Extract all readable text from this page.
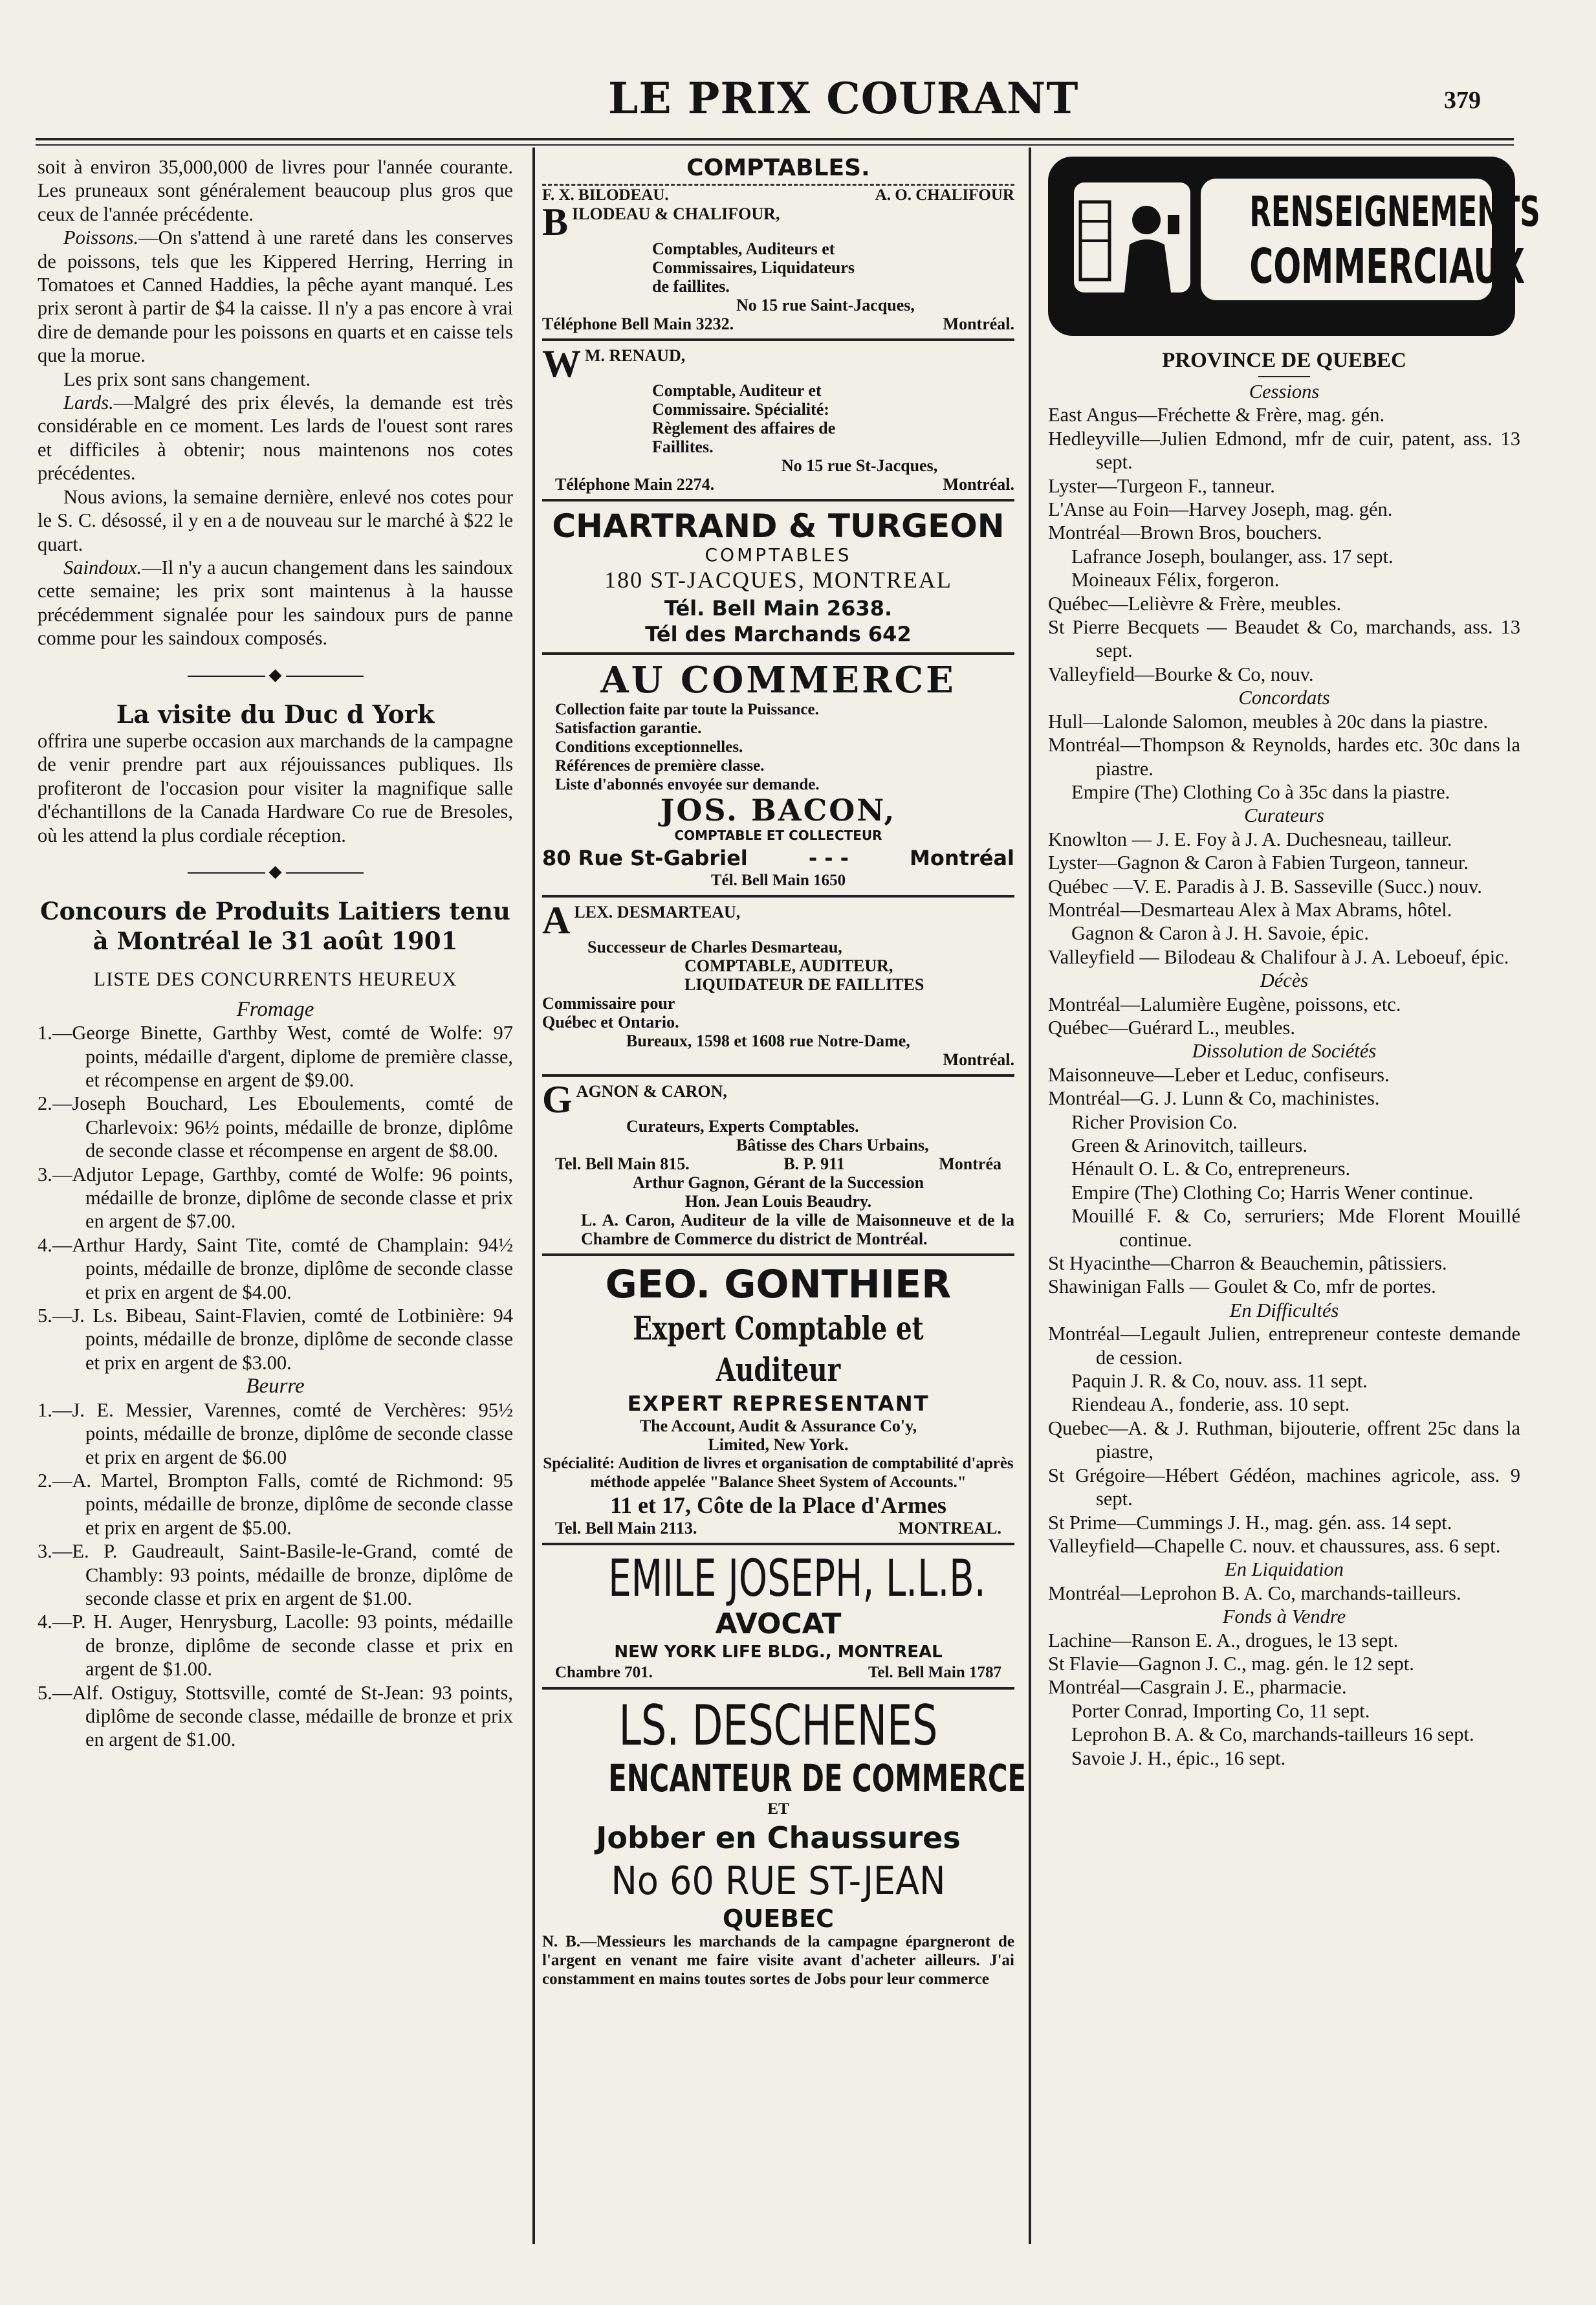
LE PRIX COURANT	379

soit à environ 35,000,000 de livres pour l'année courante. Les pruneaux sont généralement beaucoup plus gros que ceux de l'année précédente.

Poissons.—On s'attend à une rareté dans les conserves de poissons, tels que les Kippered Herring, Herring in Tomatoes et Canned Haddies, la pêche ayant manqué. Les prix seront à partir de $4 la caisse. Il n'y a pas encore à vrai dire de demande pour les poissons en quarts et en caisse tels que la morue.

Les prix sont sans changement.

Lards.—Malgré des prix élevés, la demande est très considérable en ce moment. Les lards de l'ouest sont rares et difficiles à obtenir; nous maintenons nos cotes précédentes.

Nous avions, la semaine dernière, enlevé nos cotes pour le S. C. désossé, il y en a de nouveau sur le marché à $22 le quart.

Saindoux.—Il n'y a aucun changement dans les saindoux cette semaine; les prix sont maintenus à la hausse précédemment signalée pour les saindoux purs de panne comme pour les saindoux composés.

◆

La visite du Duc d York

offrira une superbe occasion aux marchands de la campagne de venir prendre part aux réjouissances publiques. Ils profiteront de l'occasion pour visiter la magnifique salle d'échantillons de la Canada Hardware Co rue de Bresoles, où les attend la plus cordiale réception.

◆

Concours de Produits Laitiers tenu

à Montréal le 31 août 1901

LISTE DES CONCURRENTS HEUREUX

Fromage

1.—George Binette, Garthby West, comté de Wolfe: 97 points, médaille d'argent, diplome de première classe, et récompense en argent de $9.00.

2.—Joseph Bouchard, Les Eboulements, comté de Charlevoix: 96½ points, médaille de bronze, diplôme de seconde classe et récompense en argent de $8.00.

3.—Adjutor Lepage, Garthby, comté de Wolfe: 96 points, médaille de bronze, diplôme de seconde classe et prix en argent de $7.00.

4.—Arthur Hardy, Saint Tite, comté de Champlain: 94½ points, médaille de bronze, diplôme de seconde classe et prix en argent de $4.00.

5.—J. Ls. Bibeau, Saint-Flavien, comté de Lotbinière: 94 points, médaille de bronze, diplôme de seconde classe et prix en argent de $3.00.

Beurre

1.—J. E. Messier, Varennes, comté de Verchères: 95½ points, médaille de bronze, diplôme de seconde classe et prix en argent de $6.00

2.—A. Martel, Brompton Falls, comté de Richmond: 95 points, médaille de bronze, diplôme de seconde classe et prix en argent de $5.00.

3.—E. P. Gaudreault, Saint-Basile-le-Grand, comté de Chambly: 93 points, médaille de bronze, diplôme de seconde classe et prix en argent de $1.00.

4.—P. H. Auger, Henrysburg, Lacolle: 93 points, médaille de bronze, diplôme de seconde classe et prix en argent de $1.00.

5.—Alf. Ostiguy, Stottsville, comté de St-Jean: 93 points, diplôme de seconde classe, médaille de bronze et prix en argent de $1.00.

COMPTABLES.
F. X. BILODEAU.	A. O. CHALIFOUR
BILODEAU & CHALIFOUR,
Comptables, Auditeurs et
Commissaires, Liquidateurs
de faillites.
No 15 rue Saint-Jacques,
Téléphone Bell Main 3232.	Montréal.
W M. RENAUD,
Comptable, Auditeur et
Commissaire. Spécialité:
Règlement des affaires de
Faillites.
No 15 rue St-Jacques,
Téléphone Main 2274.	Montréal.
CHARTRAND & TURGEON
COMPTABLES
180 ST-JACQUES, MONTREAL
Tél. Bell Main 2638.
Tél des Marchands 642
AU COMMERCE
Collection faite par toute la Puissance.
Satisfaction garantie.
Conditions exceptionnelles.
Références de première classe.
Liste d'abonnés envoyée sur demande.
JOS. BACON,
COMPTABLE ET COLLECTEUR
80 Rue St-Gabriel	- - -	Montréal
Tél. Bell Main 1650
ALEX. DESMARTEAU,
Successeur de Charles Desmarteau,
COMPTABLE, AUDITEUR,
LIQUIDATEUR DE FAILLITES
Commissaire pour
Québec et Ontario.
Bureaux, 1598 et 1608 rue Notre-Dame,
Montréal.
GAGNON & CARON,
Curateurs, Experts Comptables.
Bâtisse des Chars Urbains,
Tel. Bell Main 815.	B. P. 911	Montréa
Arthur Gagnon, Gérant de la Succession
Hon. Jean Louis Beaudry.
L. A. Caron, Auditeur de la ville de Maisonneuve et de la Chambre de Commerce du district de Montréal.
GEO. GONTHIER
Expert Comptable et Auditeur
EXPERT REPRESENTANT
The Account, Audit & Assurance Co'y,
Limited, New York.
Spécialité: Audition de livres et organisation de comptabilité d'après méthode appelée "Balance Sheet System of Accounts."
11 et 17, Côte de la Place d'Armes
Tel. Bell Main 2113.	MONTREAL.
EMILE JOSEPH, L.L.B.
AVOCAT
NEW YORK LIFE BLDG., MONTREAL
Chambre 701.	Tel. Bell Main 1787
LS. DESCHENES
ENCANTEUR DE COMMERCE
ET
Jobber en Chaussures
No 60 RUE ST-JEAN
QUEBEC
N. B.—Messieurs les marchands de la campagne épargneront de l'argent en venant me faire visite avant d'acheter ailleurs. J'ai constamment en mains toutes sortes de Jobs pour leur commerce
RENSEIGNEMENTS
COMMERCIAUX
PROVINCE DE QUEBEC
Cessions

East Angus—Fréchette & Frère, mag. gén.

Hedleyville—Julien Edmond, mfr de cuir, patent, ass. 13 sept.

Lyster—Turgeon F., tanneur.

L'Anse au Foin—Harvey Joseph, mag. gén.

Montréal—Brown Bros, bouchers.

Lafrance Joseph, boulanger, ass. 17 sept.

Moineaux Félix, forgeron.

Québec—Lelièvre & Frère, meubles.

St Pierre Becquets — Beaudet & Co, marchands, ass. 13 sept.

Valleyfield—Bourke & Co, nouv.

Concordats

Hull—Lalonde Salomon, meubles à 20c dans la piastre.

Montréal—Thompson & Reynolds, hardes etc. 30c dans la piastre.

Empire (The) Clothing Co à 35c dans la piastre.

Curateurs

Knowlton — J. E. Foy à J. A. Duchesneau, tailleur.

Lyster—Gagnon & Caron à Fabien Turgeon, tanneur.

Québec —V. E. Paradis à J. B. Sasseville (Succ.) nouv.

Montréal—Desmarteau Alex à Max Abrams, hôtel.

Gagnon & Caron à J. H. Savoie, épic.

Valleyfield — Bilodeau & Chalifour à J. A. Leboeuf, épic.

Décès

Montréal—Lalumière Eugène, poissons, etc.

Québec—Guérard L., meubles.

Dissolution de Sociétés

Maisonneuve—Leber et Leduc, confiseurs.

Montréal—G. J. Lunn & Co, machinistes.

Richer Provision Co.

Green & Arinovitch, tailleurs.

Hénault O. L. & Co, entrepreneurs.

Empire (The) Clothing Co; Harris Wener continue.

Mouillé F. & Co, serruriers; Mde Florent Mouillé continue.

St Hyacinthe—Charron & Beauchemin, pâtissiers.

Shawinigan Falls — Goulet & Co, mfr de portes.

En Difficultés

Montréal—Legault Julien, entrepreneur conteste demande de cession.

Paquin J. R. & Co, nouv. ass. 11 sept.

Riendeau A., fonderie, ass. 10 sept.

Quebec—A. & J. Ruthman, bijouterie, offrent 25c dans la piastre,

St Grégoire—Hébert Gédéon, machines agricole, ass. 9 sept.

St Prime—Cummings J. H., mag. gén. ass. 14 sept.

Valleyfield—Chapelle C. nouv. et chaussures, ass. 6 sept.

En Liquidation

Montréal—Leprohon B. A. Co, marchands-tailleurs.

Fonds à Vendre

Lachine—Ranson E. A., drogues, le 13 sept.

St Flavie—Gagnon J. C., mag. gén. le 12 sept.

Montréal—Casgrain J. E., pharmacie.

Porter Conrad, Importing Co, 11 sept.

Leprohon B. A. & Co, marchands-tailleurs 16 sept.

Savoie J. H., épic., 16 sept.
